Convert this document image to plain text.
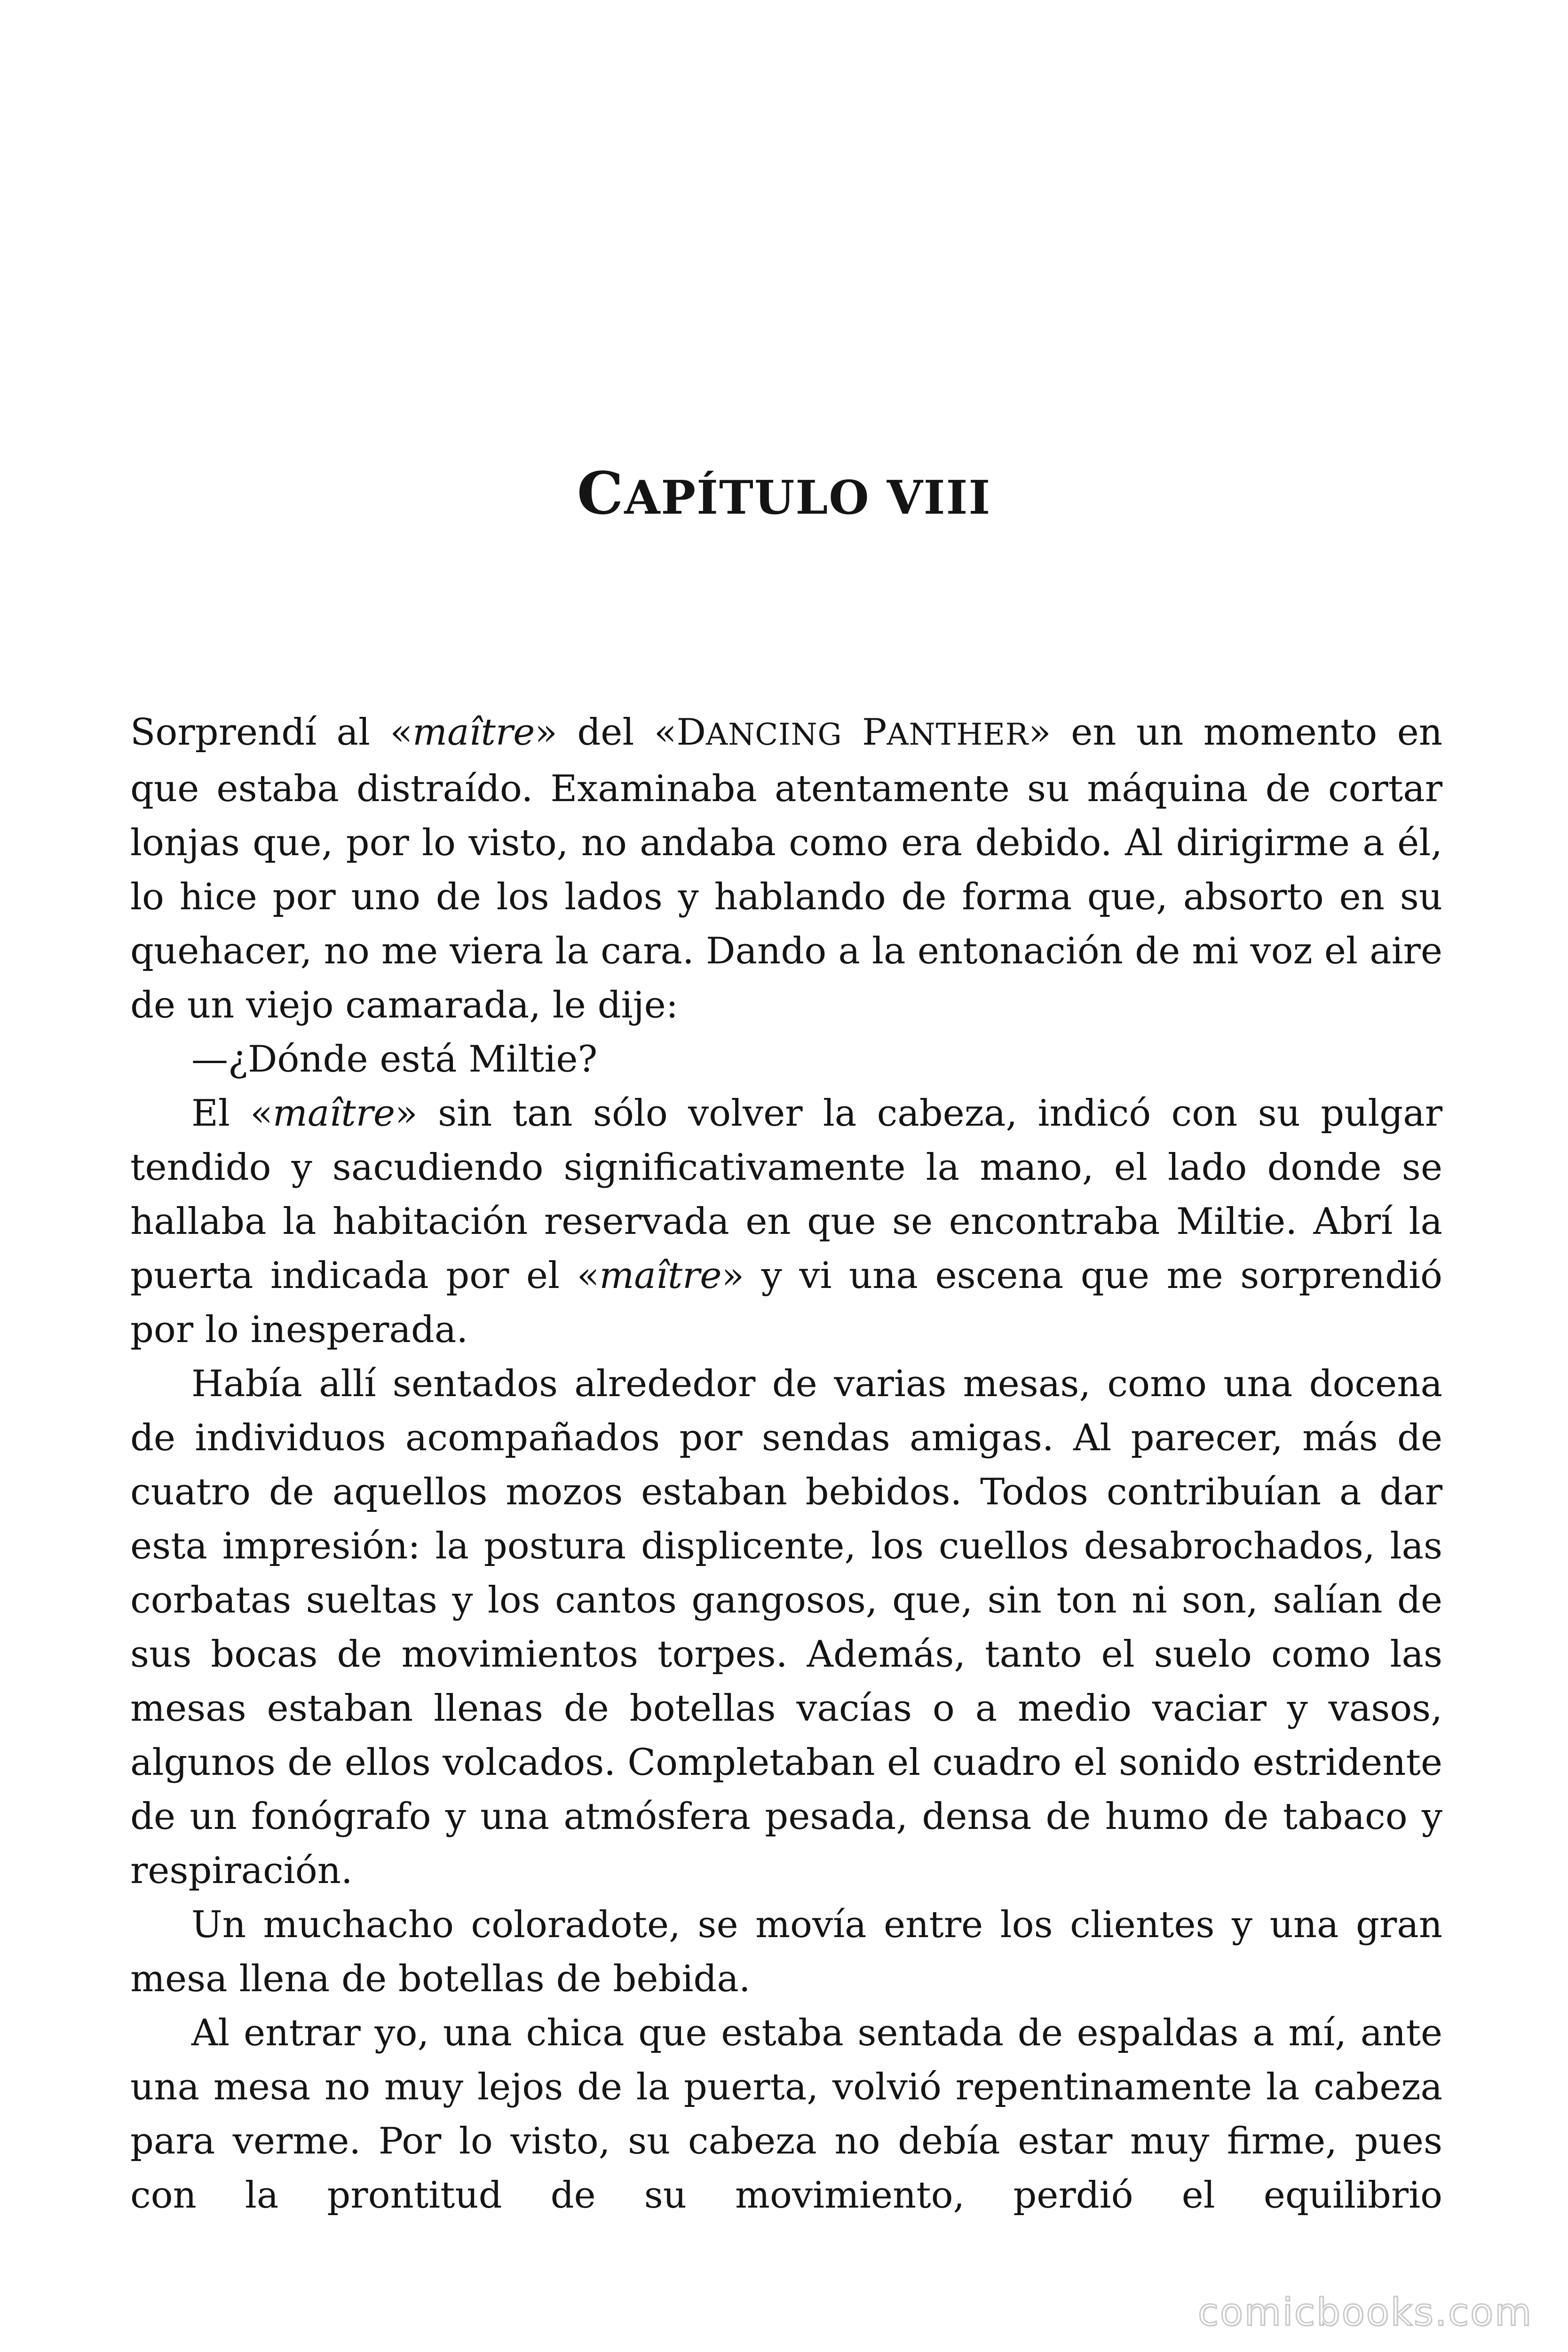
CAPÍTULO VIII

Sorprendí al «maître» del «DANCING PANTHER» en un momento en que estaba distraído. Examinaba atentamente su máquina de cortar lonjas que, por lo visto, no andaba como era debido. Al dirigirme a él, lo hice por uno de los lados y hablando de forma que, absorto en su quehacer, no me viera la cara. Dando a la entonación de mi voz el aire de un viejo camarada, le dije:

—¿Dónde está Miltie?

El «maître» sin tan sólo volver la cabeza, indicó con su pulgar tendido y sacudiendo significativamente la mano, el lado donde se hallaba la habitación reservada en que se encontraba Miltie. Abrí la puerta indicada por el «maître» y vi una escena que me sorprendió por lo inesperada.

Había allí sentados alrededor de varias mesas, como una docena de individuos acompañados por sendas amigas. Al parecer, más de cuatro de aquellos mozos estaban bebidos. Todos contribuían a dar esta impresión: la postura displicente, los cuellos desabrochados, las corbatas sueltas y los cantos gangosos, que, sin ton ni son, salían de sus bocas de movimientos torpes. Además, tanto el suelo como las mesas estaban llenas de botellas vacías o a medio vaciar y vasos, algunos de ellos volcados. Completaban el cuadro el sonido estridente de un fonógrafo y una atmósfera pesada, densa de humo de tabaco y respiración.

Un muchacho coloradote, se movía entre los clientes y una gran mesa llena de botellas de bebida.

Al entrar yo, una chica que estaba sentada de espaldas a mí, ante una mesa no muy lejos de la puerta, volvió repentinamente la cabeza para verme. Por lo visto, su cabeza no debía estar muy firme, pues con la prontitud de su movimiento, perdió el equilibrio

comicbooks.com
